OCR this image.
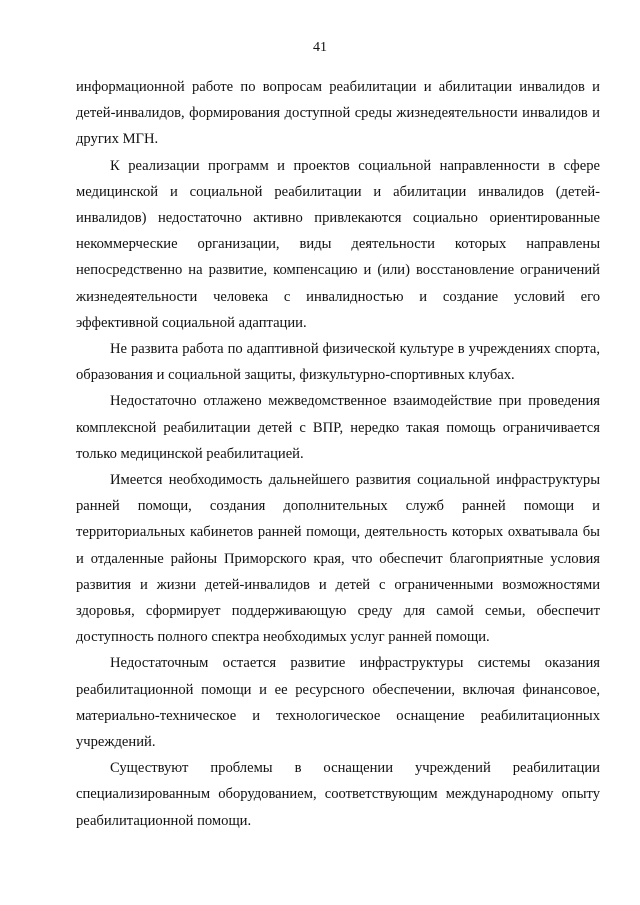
41

информационной работе по вопросам реабилитации и абилитации инвалидов и детей-инвалидов, формирования доступной среды жизнедеятельности инвалидов и других МГН.

К реализации программ и проектов социальной направленности в сфере медицинской и социальной реабилитации и абилитации инвалидов (детей-инвалидов) недостаточно активно привлекаются социально ориентированные некоммерческие организации, виды деятельности которых направлены непосредственно на развитие, компенсацию и (или) восстановление ограничений жизнедеятельности человека с инвалидностью и создание условий его эффективной социальной адаптации.

Не развита работа по адаптивной физической культуре в учреждениях спорта, образования и социальной защиты, физкультурно-спортивных клубах.

Недостаточно отлажено межведомственное взаимодействие при проведения комплексной реабилитации детей с ВПР, нередко такая помощь ограничивается только медицинской реабилитацией.

Имеется необходимость дальнейшего развития социальной инфраструктуры ранней помощи, создания дополнительных служб ранней помощи и территориальных кабинетов ранней помощи, деятельность которых охватывала бы и отдаленные районы Приморского края, что обеспечит благоприятные условия развития и жизни детей-инвалидов и детей с ограниченными возможностями здоровья, сформирует поддерживающую среду для самой семьи, обеспечит доступность полного спектра необходимых услуг ранней помощи.

Недостаточным остается развитие инфраструктуры системы оказания реабилитационной помощи и ее ресурсного обеспечении, включая финансовое, материально-техническое и технологическое оснащение реабилитационных учреждений.

Существуют проблемы в оснащении учреждений реабилитации специализированным оборудованием, соответствующим международному опыту реабилитационной помощи.
